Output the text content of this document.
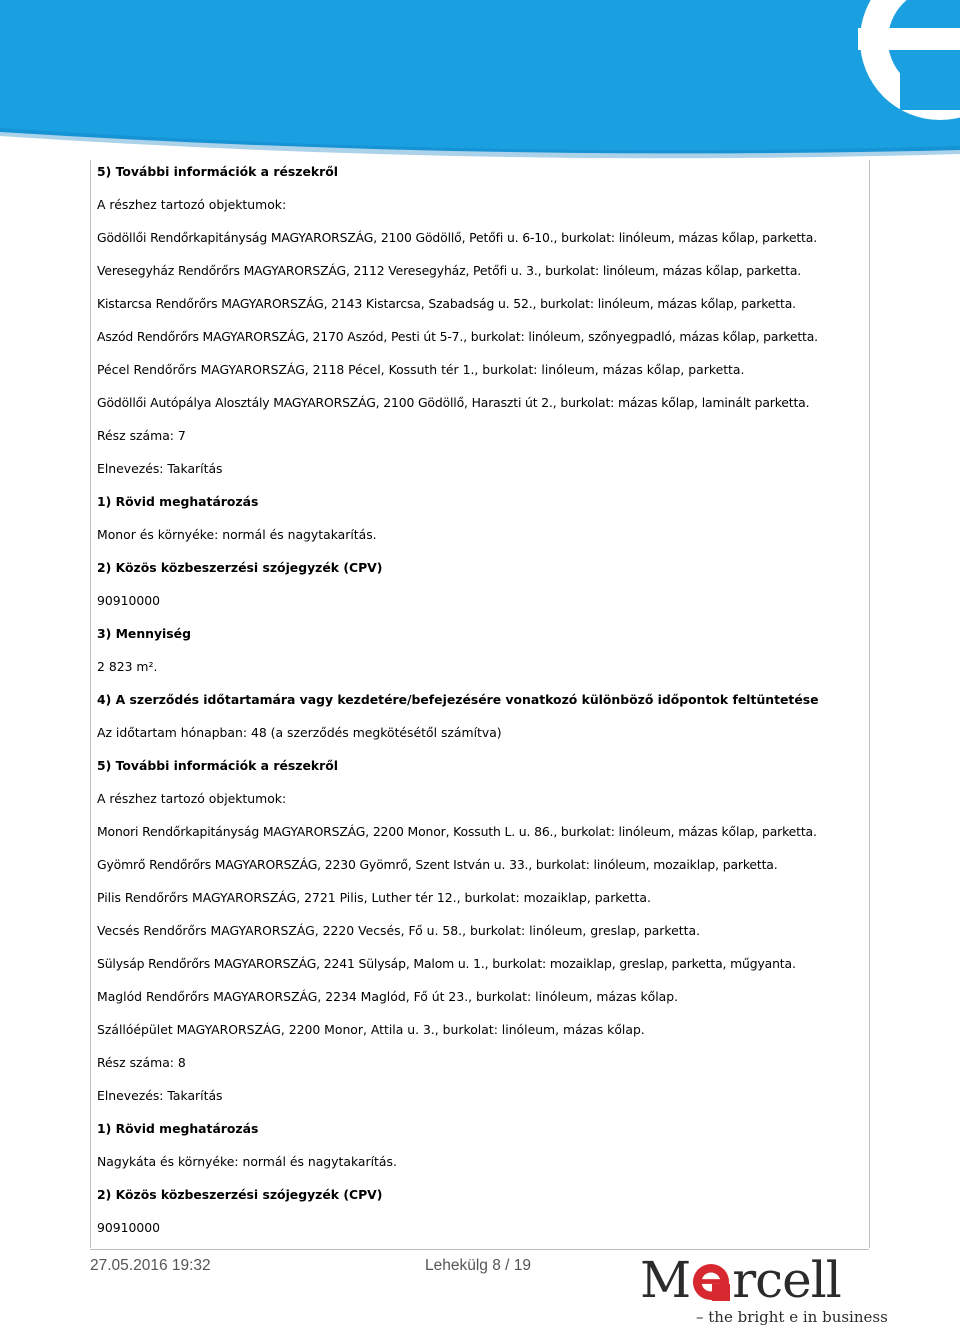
5) További információk a részekről
A részhez tartozó objektumok:
Gödöllői Rendőrkapitányság MAGYARORSZÁG, 2100 Gödöllő, Petőfi u. 6-10., burkolat: linóleum, mázas kőlap, parketta.
Veresegyház Rendőrőrs MAGYARORSZÁG, 2112 Veresegyház, Petőfi u. 3., burkolat: linóleum, mázas kőlap, parketta.
Kistarcsa Rendőrőrs MAGYARORSZÁG, 2143 Kistarcsa, Szabadság u. 52., burkolat: linóleum, mázas kőlap, parketta.
Aszód Rendőrőrs MAGYARORSZÁG, 2170 Aszód, Pesti út 5-7., burkolat: linóleum, szőnyegpadló, mázas kőlap, parketta.
Pécel Rendőrőrs MAGYARORSZÁG, 2118 Pécel, Kossuth tér 1., burkolat: linóleum, mázas kőlap, parketta.
Gödöllői Autópálya Alosztály MAGYARORSZÁG, 2100 Gödöllő, Haraszti út 2., burkolat: mázas kőlap, laminált parketta.
Rész száma: 7
Elnevezés: Takarítás
1) Rövid meghatározás
Monor és környéke: normál és nagytakarítás.
2) Közös közbeszerzési szójegyzék (CPV)
90910000
3) Mennyiség
2 823 m².
4) A szerződés időtartamára vagy kezdetére/befejezésére vonatkozó különböző időpontok feltüntetése
Az időtartam hónapban: 48 (a szerződés megkötésétől számítva)
5) További információk a részekről
A részhez tartozó objektumok:
Monori Rendőrkapitányság MAGYARORSZÁG, 2200 Monor, Kossuth L. u. 86., burkolat: linóleum, mázas kőlap, parketta.
Gyömrő Rendőrőrs MAGYARORSZÁG, 2230 Gyömrő, Szent István u. 33., burkolat: linóleum, mozaiklap, parketta.
Pilis Rendőrőrs MAGYARORSZÁG, 2721 Pilis, Luther tér 12., burkolat: mozaiklap, parketta.
Vecsés Rendőrőrs MAGYARORSZÁG, 2220 Vecsés, Fő u. 58., burkolat: linóleum, greslap, parketta.
Sülysáp Rendőrőrs MAGYARORSZÁG, 2241 Sülysáp, Malom u. 1., burkolat: mozaiklap, greslap, parketta, műgyanta.
Maglód Rendőrőrs MAGYARORSZÁG, 2234 Maglód, Fő út 23., burkolat: linóleum, mázas kőlap.
Szállóépület MAGYARORSZÁG, 2200 Monor, Attila u. 3., burkolat: linóleum, mázas kőlap.
Rész száma: 8
Elnevezés: Takarítás
1) Rövid meghatározás
Nagykáta és környéke: normál és nagytakarítás.
2) Közös közbeszerzési szójegyzék (CPV)
90910000
27.05.2016 19:32	Lehekülg 8 / 19 M rcell
– the bright e in business
